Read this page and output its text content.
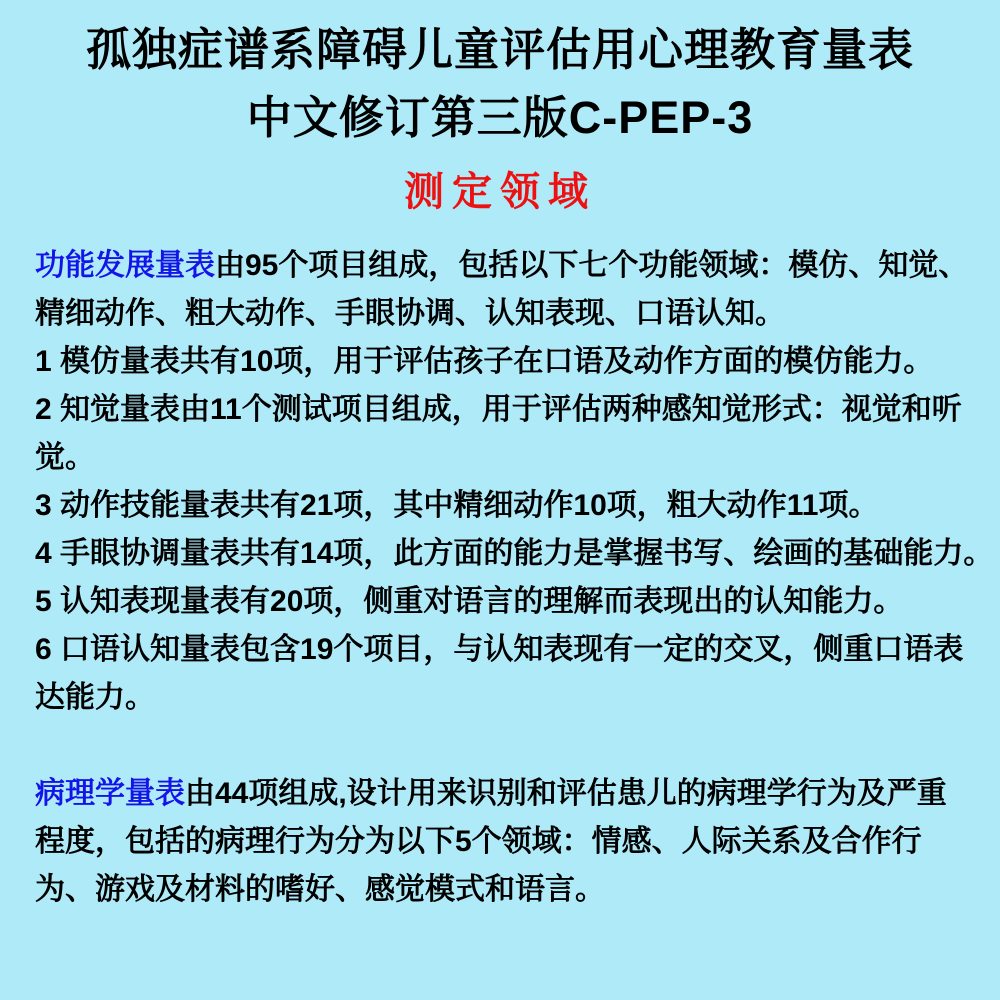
孤独症谱系障碍儿童评估用心理教育量表
中文修订第三版C-PEP-3
测定领域
功能发展量表由95个项目组成，包括以下七个功能领域：模仿、知觉、
精细动作、粗大动作、手眼协调、认知表现、口语认知。
1 模仿量表共有10项，用于评估孩子在口语及动作方面的模仿能力。
2 知觉量表由11个测试项目组成，用于评估两种感知觉形式：视觉和听
觉。
3 动作技能量表共有21项，其中精细动作10项，粗大动作11项。
4 手眼协调量表共有14项，此方面的能力是掌握书写、绘画的基础能力。
5 认知表现量表有20项，侧重对语言的理解而表现出的认知能力。
6 口语认知量表包含19个项目，与认知表现有一定的交叉，侧重口语表
达能力。
病理学量表由44项组成,设计用来识别和评估患儿的病理学行为及严重
程度，包括的病理行为分为以下5个领域：情感、人际关系及合作行
为、游戏及材料的嗜好、感觉模式和语言。
